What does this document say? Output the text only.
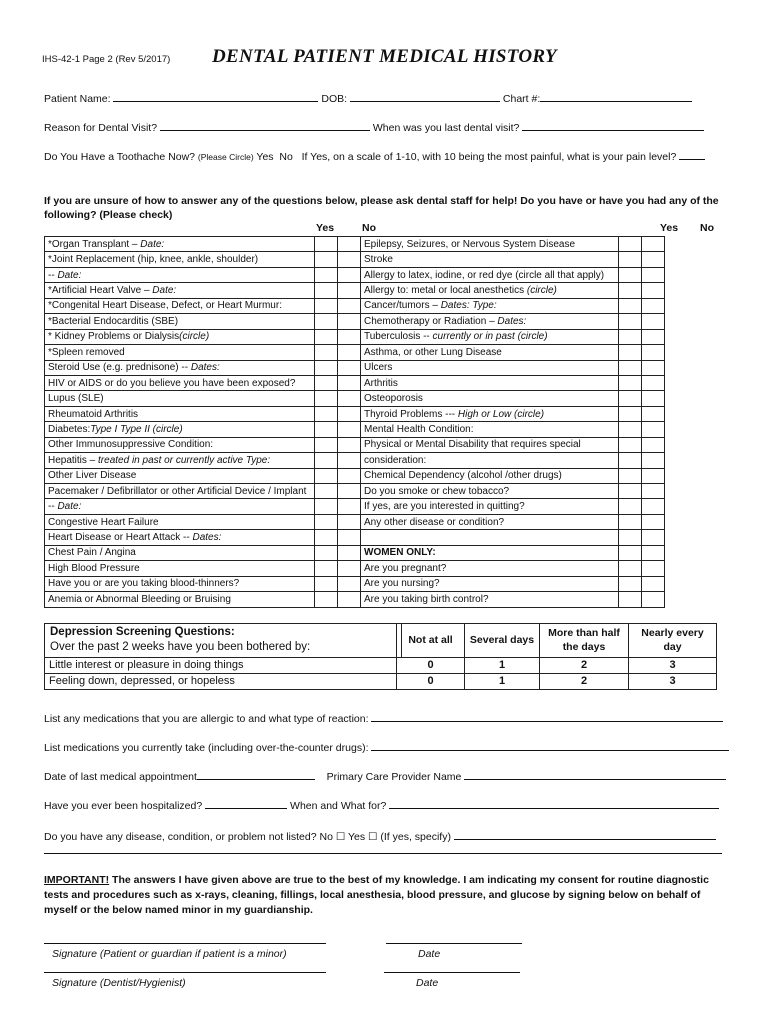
IHS-42-1 Page 2 (Rev 5/2017) DENTAL PATIENT MEDICAL HISTORY
Patient Name:	DOB:	Chart #:
Reason for Dental Visit?	When was you last dental visit?
Do You Have a Toothache Now? (Please Circle) Yes No If Yes, on a scale of 1-10, with 10 being the most painful, what is your pain level?
If you are unsure of how to answer any of the questions below, please ask dental staff for help! Do you have or have you had any of the following? (Please check)
Yes	No	Yes No
*Organ Transplant – Date:			Epilepsy, Seizures, or Nervous System Disease		
*Joint Replacement (hip, knee, ankle, shoulder)			Stroke		
-- Date:			Allergy to latex, iodine, or red dye (circle all that apply)		
*Artificial Heart Valve – Date:			Allergy to: metal or local anesthetics (circle)		
*Congenital Heart Disease, Defect, or Heart Murmur:			Cancer/tumors – Dates: Type:		
*Bacterial Endocarditis (SBE)			Chemotherapy or Radiation – Dates:		
* Kidney Problems or Dialysis(circle)			Tuberculosis -- currently or in past (circle)		
*Spleen removed			Asthma, or other Lung Disease		
Steroid Use (e.g. prednisone) -- Dates:			Ulcers		
HIV or AIDS or do you believe you have been exposed?			Arthritis		
Lupus (SLE)			Osteoporosis		
Rheumatoid Arthritis			Thyroid Problems --- High or Low (circle)		
Diabetes:Type I Type II (circle)			Mental Health Condition:		
Other Immunosuppressive Condition:			Physical or Mental Disability that requires special		
Hepatitis – treated in past or currently active Type:			consideration:		
Other Liver Disease			Chemical Dependency (alcohol /other drugs)		
Pacemaker / Defibrillator or other Artificial Device / Implant			Do you smoke or chew tobacco?		
-- Date:			If yes, are you interested in quitting?		
Congestive Heart Failure			Any other disease or condition?		
Heart Disease or Heart Attack -- Dates:					
Chest Pain / Angina			WOMEN ONLY:		
High Blood Pressure			Are you pregnant?		
Have you or are you taking blood-thinners?			Are you nursing?		
Anemia or Abnormal Bleeding or Bruising			Are you taking birth control?		
Depression Screening Questions:
Over the past 2 weeks have you been bothered by:
	Not at all	Several days	More than half the days	Nearly every day
Little interest or pleasure in doing things	0	1	2	3
Feeling down, depressed, or hopeless	0	1	2	3
List any medications that you are allergic to and what type of reaction:
List medications you currently take (including over-the-counter drugs):
Date of last medical appointment	Primary Care Provider Name
Have you ever been hospitalized?	When and What for?
Do you have any disease, condition, or problem not listed? No ☐ Yes ☐ (If yes, specify)
IMPORTANT! The answers I have given above are true to the best of my knowledge. I am indicating my consent for routine diagnostic tests and procedures such as x-rays, cleaning, fillings, local anesthesia, blood pressure, and glucose by signing below on behalf of myself or the below named minor in my guardianship.
Signature (Patient or guardian if patient is a minor)	Date
Signature (Dentist/Hygienist)	Date
